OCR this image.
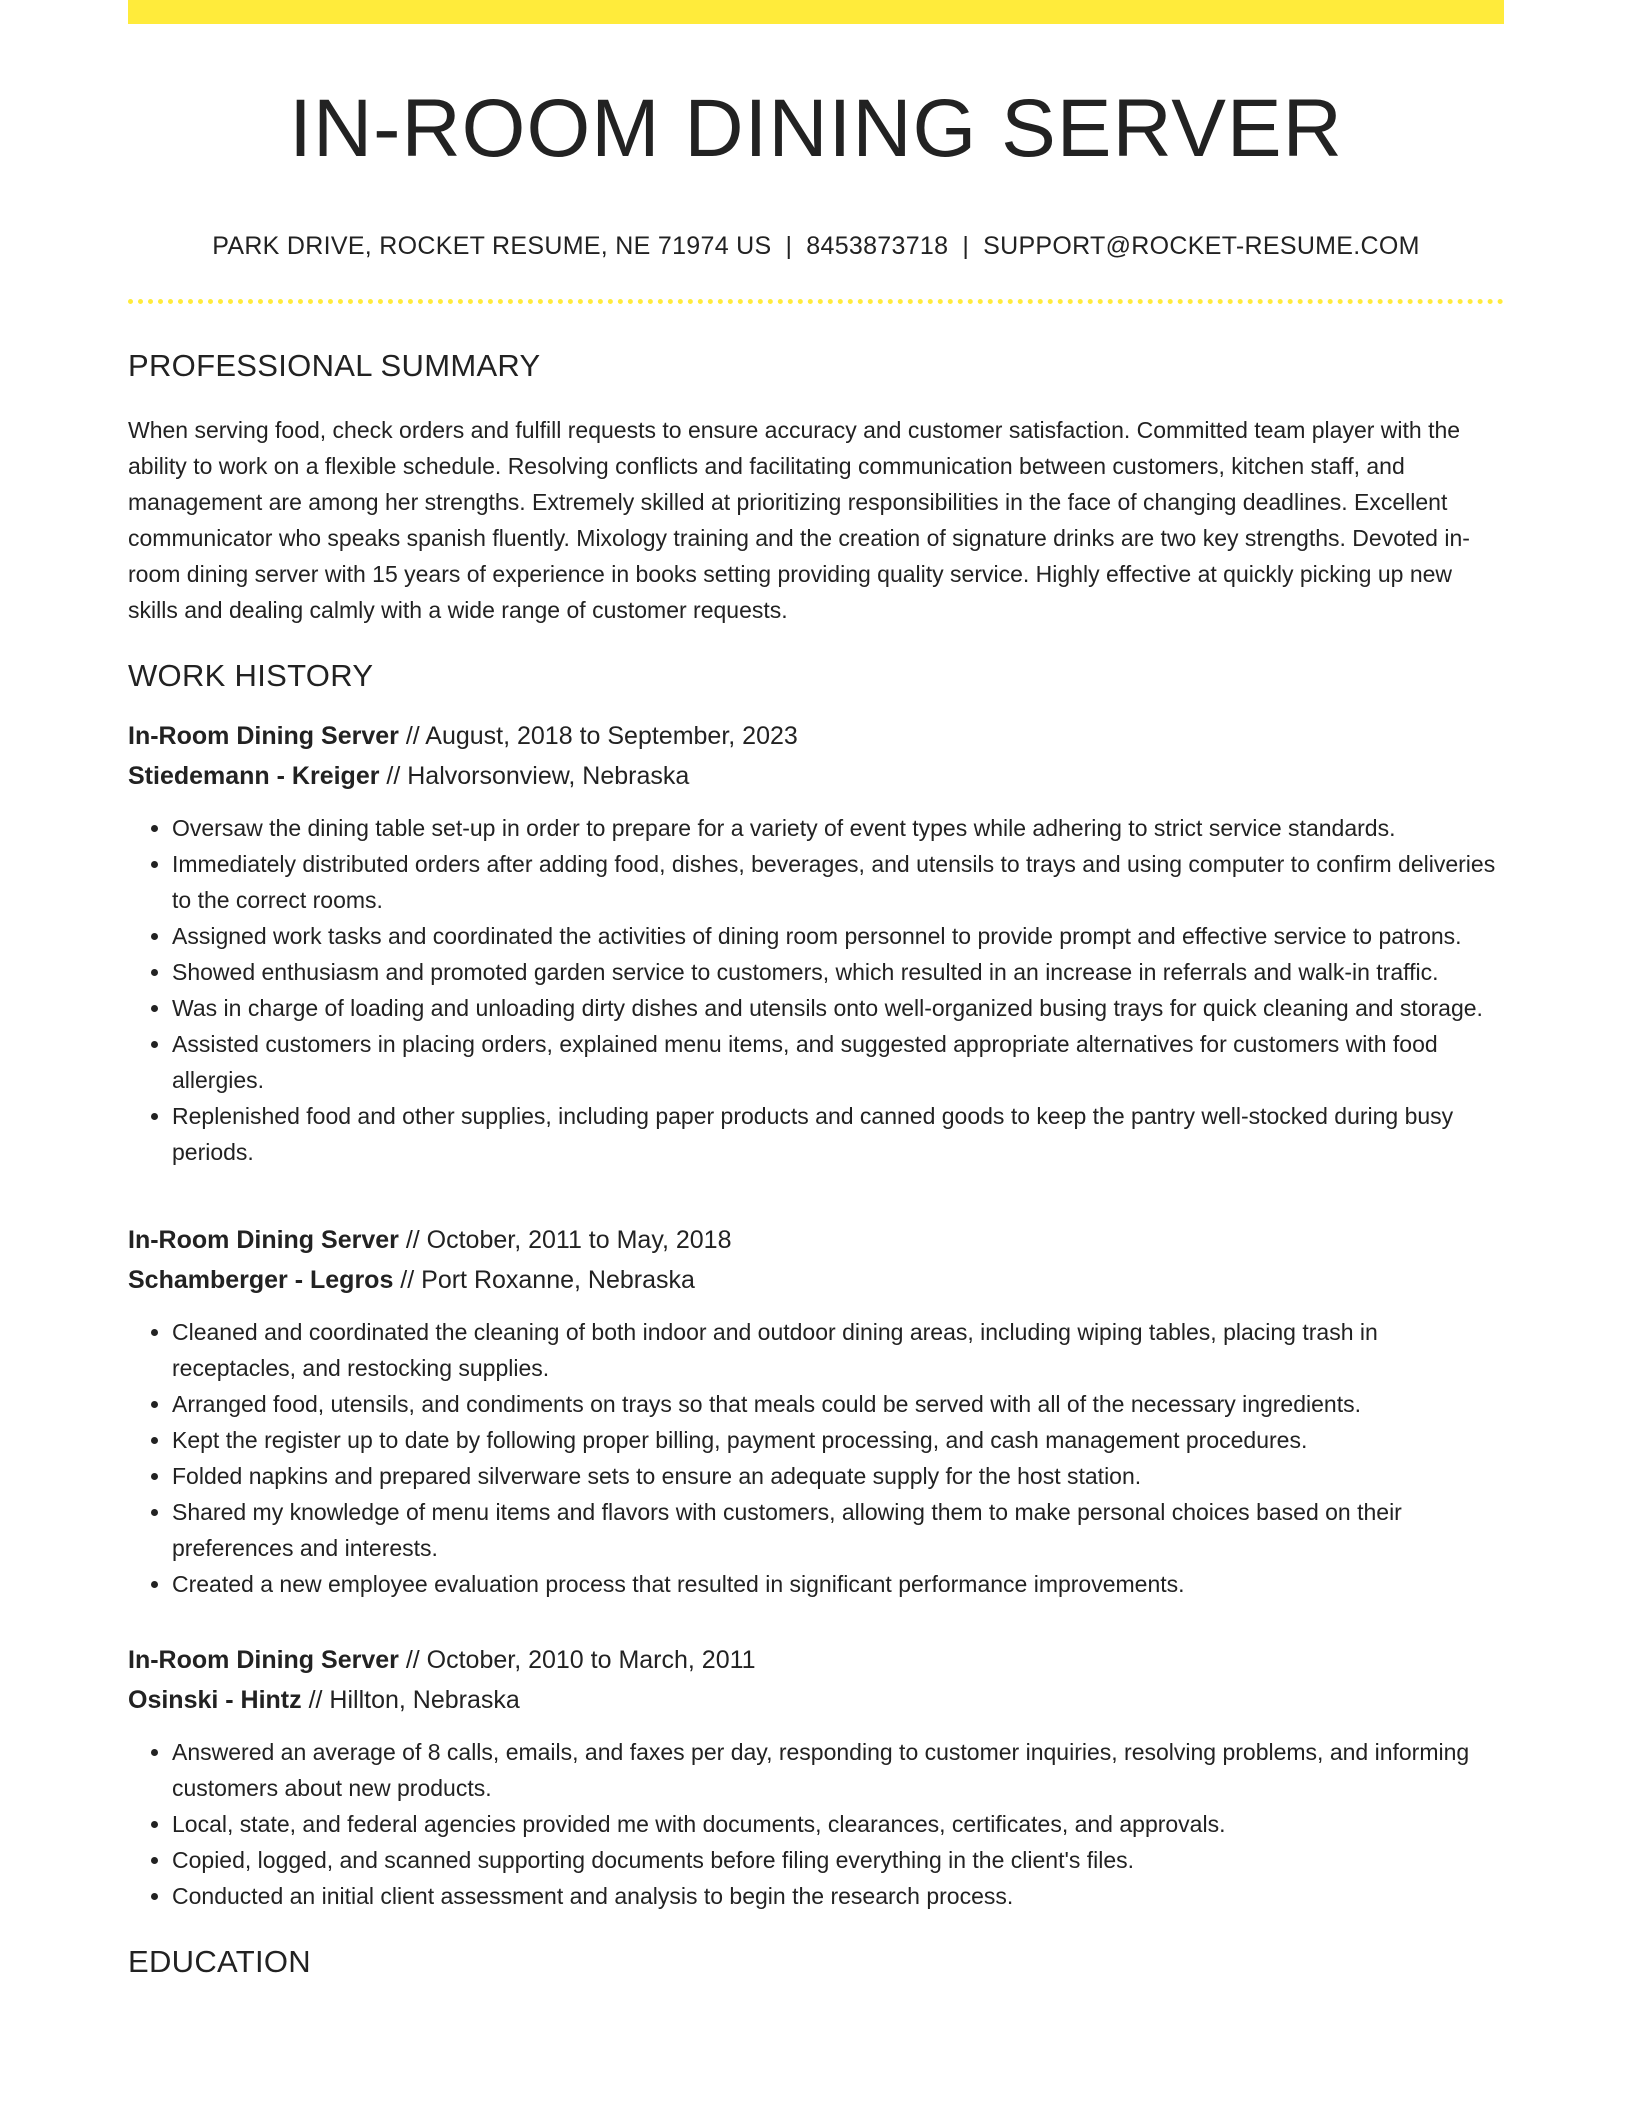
IN-ROOM DINING SERVER
PARK DRIVE, ROCKET RESUME, NE 71974 US | 8453873718 | SUPPORT@ROCKET-RESUME.COM
PROFESSIONAL SUMMARY

When serving food, check orders and fulfill requests to ensure accuracy and customer satisfaction. Committed team player with the ability to work on a flexible schedule. Resolving conflicts and facilitating communication between customers, kitchen staff, and management are among her strengths. Extremely skilled at prioritizing responsibilities in the face of changing deadlines. Excellent communicator who speaks spanish fluently. Mixology training and the creation of signature drinks are two key strengths. Devoted in-room dining server with 15 years of experience in books setting providing quality service. Highly effective at quickly picking up new skills and dealing calmly with a wide range of customer requests.

WORK HISTORY
In-Room Dining Server // August, 2018 to September, 2023
Stiedemann - Kreiger // Halvorsonview, Nebraska
• Oversaw the dining table set-up in order to prepare for a variety of event types while adhering to strict service standards.
• Immediately distributed orders after adding food, dishes, beverages, and utensils to trays and using computer to confirm deliveries to the correct rooms.
• Assigned work tasks and coordinated the activities of dining room personnel to provide prompt and effective service to patrons.
• Showed enthusiasm and promoted garden service to customers, which resulted in an increase in referrals and walk-in traffic.
• Was in charge of loading and unloading dirty dishes and utensils onto well-organized busing trays for quick cleaning and storage.
• Assisted customers in placing orders, explained menu items, and suggested appropriate alternatives for customers with food allergies.
• Replenished food and other supplies, including paper products and canned goods to keep the pantry well-stocked during busy periods.
In-Room Dining Server // October, 2011 to May, 2018
Schamberger - Legros // Port Roxanne, Nebraska
• Cleaned and coordinated the cleaning of both indoor and outdoor dining areas, including wiping tables, placing trash in receptacles, and restocking supplies.
• Arranged food, utensils, and condiments on trays so that meals could be served with all of the necessary ingredients.
• Kept the register up to date by following proper billing, payment processing, and cash management procedures.
• Folded napkins and prepared silverware sets to ensure an adequate supply for the host station.
• Shared my knowledge of menu items and flavors with customers, allowing them to make personal choices based on their preferences and interests.
• Created a new employee evaluation process that resulted in significant performance improvements.
In-Room Dining Server // October, 2010 to March, 2011
Osinski - Hintz // Hillton, Nebraska
• Answered an average of 8 calls, emails, and faxes per day, responding to customer inquiries, resolving problems, and informing customers about new products.
• Local, state, and federal agencies provided me with documents, clearances, certificates, and approvals.
• Copied, logged, and scanned supporting documents before filing everything in the client's files.
• Conducted an initial client assessment and analysis to begin the research process.
EDUCATION
